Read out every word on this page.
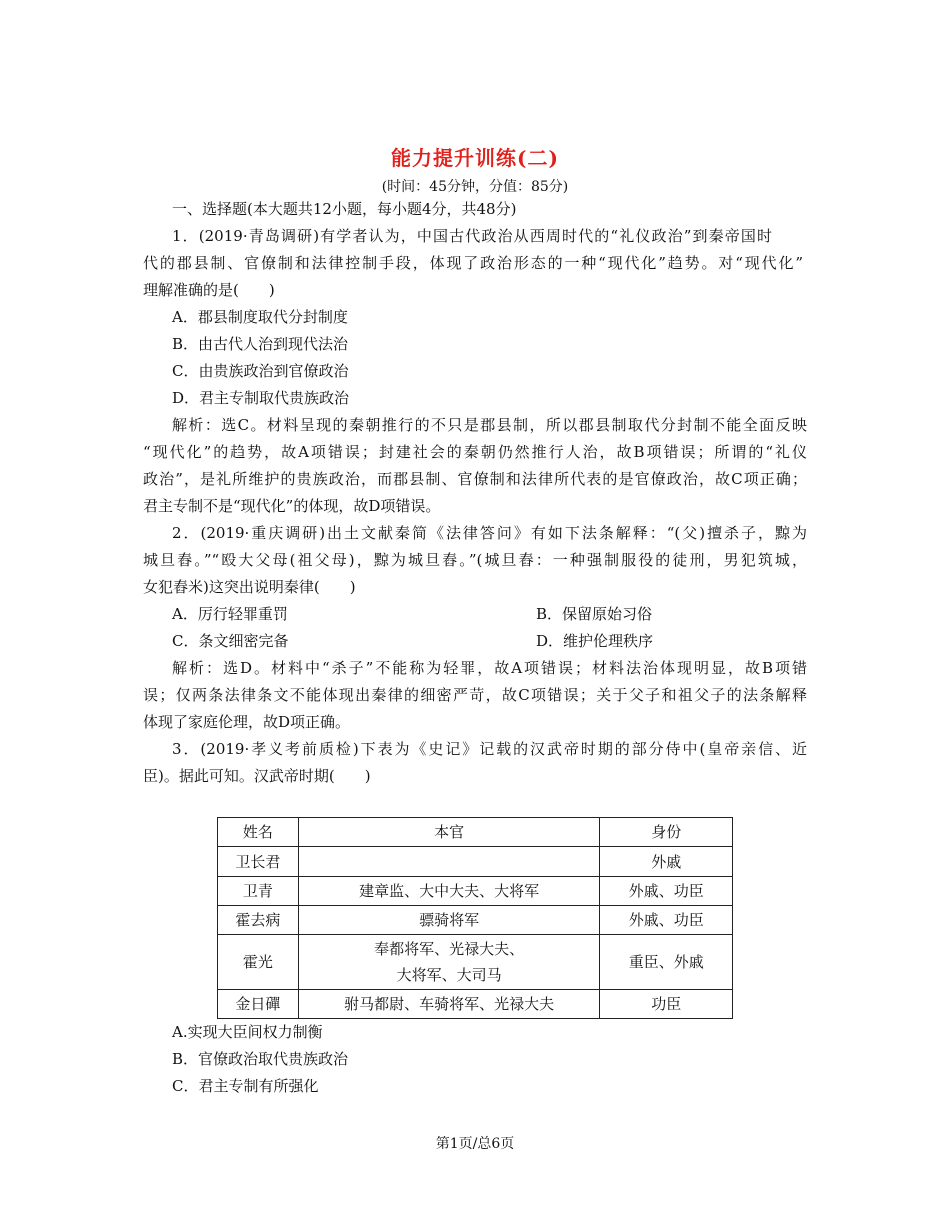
能力提升训练(二)
(时间：45分钟，分值：85分)
一、选择题(本大题共12小题，每小题4分，共48分)
1．(2019·青岛调研)有学者认为，中国古代政治从西周时代的“礼仪政治”到秦帝国时
代的郡县制、官僚制和法律控制手段，体现了政治形态的一种“现代化”趋势。对“现代化”
理解准确的是(　　)
A．郡县制度取代分封制度
B．由古代人治到现代法治
C．由贵族政治到官僚政治
D．君主专制取代贵族政治
解析：选C。材料呈现的秦朝推行的不只是郡县制，所以郡县制取代分封制不能全面反映
“现代化”的趋势，故A项错误；封建社会的秦朝仍然推行人治，故B项错误；所谓的“礼仪
政治”，是礼所维护的贵族政治，而郡县制、官僚制和法律所代表的是官僚政治，故C项正确；
君主专制不是“现代化”的体现，故D项错误。
2．(2019·重庆调研)出土文献秦简《法律答问》有如下法条解释：“(父)擅杀子，黥为
城旦舂。”“殴大父母(祖父母)，黥为城旦舂。”(城旦舂：一种强制服役的徒刑，男犯筑城，
女犯舂米)这突出说明秦律(　　)
A．厉行轻罪重罚	B．保留原始习俗
C．条文细密完备	D．维护伦理秩序
解析：选D。材料中“杀子”不能称为轻罪，故A项错误；材料法治体现明显，故B项错
误；仅两条法律条文不能体现出秦律的细密严苛，故C项错误；关于父子和祖父子的法条解释
体现了家庭伦理，故D项正确。
3．(2019·孝义考前质检)下表为《史记》记载的汉武帝时期的部分侍中(皇帝亲信、近
臣)。据此可知。汉武帝时期(　　)
姓名	本官	身份
卫长君		外戚
卫青	建章监、大中大夫、大将军	外戚、功臣
霍去病	骠骑将军	外戚、功臣
霍光	奉都将军、光禄大夫、
大将军、大司马	重臣、外戚
金日磾	驸马都尉、车骑将军、光禄大夫	功臣
A.实现大臣间权力制衡
B．官僚政治取代贵族政治
C．君主专制有所强化
第1页/总6页
